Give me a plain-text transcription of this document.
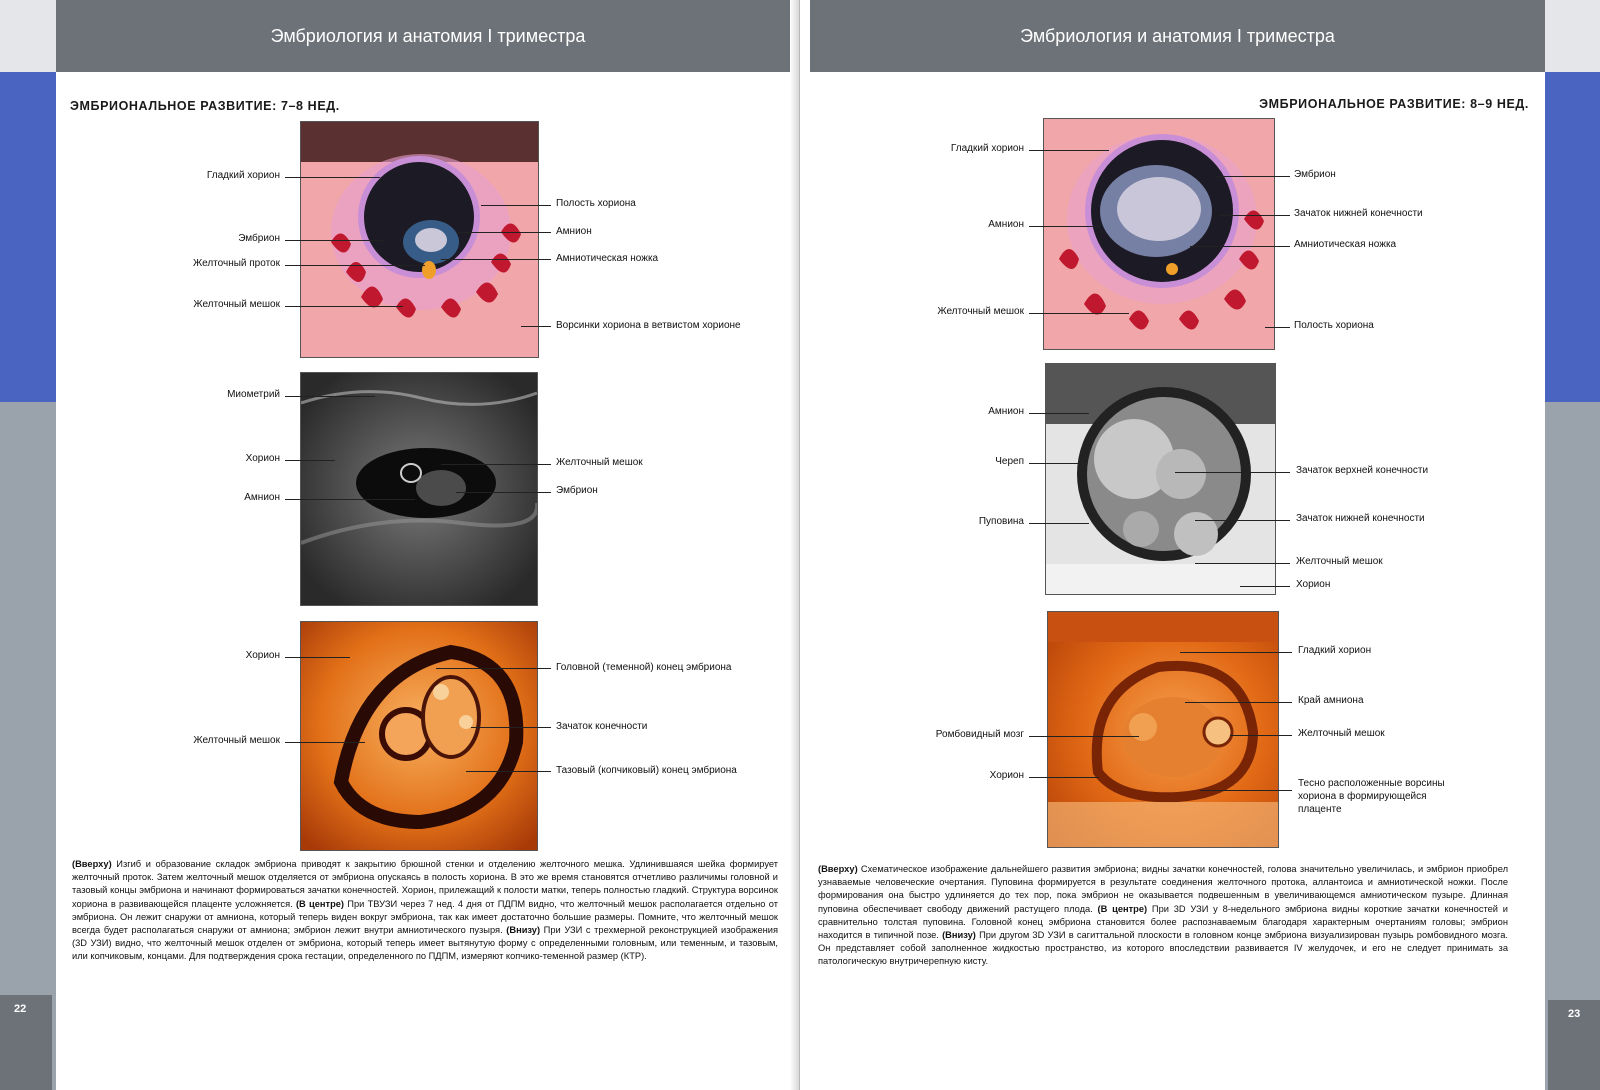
Эмбриология и анатомия I триместра
ЭМБРИОНАЛЬНОЕ РАЗВИТИЕ: 7–8 НЕД.
Гладкий хорион
Эмбрион
Желточный проток
Желточный мешок
Полость хориона
Амнион
Амниотическая ножка
Ворсинки хориона в ветвистом хорионе
Миометрий
Хорион
Амнион
Желточный мешок
Эмбрион
Хорион
Желточный мешок
Головной (теменной) конец эмбриона
Зачаток конечности
Тазовый (копчиковый) конец эмбриона
(Вверху) Изгиб и образование складок эмбриона приводят к закрытию брюшной стенки и отделению желточного мешка. Удлинившаяся шейка формирует желточный проток. Затем желточный мешок отделяется от эмбриона опускаясь в полость хориона. В это же время становятся отчетливо различимы головной и тазовый концы эмбриона и начинают формироваться зачатки конечностей. Хорион, прилежащий к полости матки, теперь полностью гладкий. Структура ворсинок хориона в развивающейся плаценте усложняется. (В центре) При ТВУЗИ через 7 нед. 4 дня от ПДПМ видно, что желточный мешок располагается отдельно от эмбриона. Он лежит снаружи от амниона, который теперь виден вокруг эмбриона, так как имеет достаточно большие размеры. Помните, что желточный мешок всегда будет располагаться снаружи от амниона; эмбрион лежит внутри амниотического пузыря. (Внизу) При УЗИ с трехмерной реконструкцией изображения (3D УЗИ) видно, что желточный мешок отделен от эмбриона, который теперь имеет вытянутую форму с определенными головным, или теменным, и тазовым, или копчиковым, концами. Для подтверждения срока гестации, определенного по ПДПМ, измеряют копчико-теменной размер (КТР).
Эмбриология и анатомия I триместра
ЭМБРИОНАЛЬНОЕ РАЗВИТИЕ: 8–9 НЕД.
Гладкий хорион
Амнион
Желточный мешок
Эмбрион
Зачаток нижней конечности
Амниотическая ножка
Полость хориона
Амнион
Череп
Пуповина
Зачаток верхней конечности
Зачаток нижней конечности
Желточный мешок
Хорион
Ромбовидный мозг
Хорион
Гладкий хорион
Край амниона
Желточный мешок
Тесно расположенные ворсины
хориона в формирующейся
плаценте
(Вверху) Схематическое изображение дальнейшего развития эмбриона; видны зачатки конечностей, голова значительно увеличилась, и эмбрион приобрел узнаваемые человеческие очертания. Пуповина формируется в результате соединения желточного протока, аллантоиса и амниотической ножки. После формирования она быстро удлиняется до тех пор, пока эмбрион не оказывается подвешенным в увеличивающемся амниотическом пузыре. Длинная пуповина обеспечивает свободу движений растущего плода. (В центре) При 3D УЗИ у 8-недельного эмбриона видны короткие зачатки конечностей и сравнительно толстая пуповина. Головной конец эмбриона становится более распознаваемым благодаря характерным очертаниям головы; эмбрион находится в типичной позе. (Внизу) При другом 3D УЗИ в сагиттальной плоскости в головном конце эмбриона визуализирован пузырь ромбовидного мозга. Он представляет собой заполненное жидкостью пространство, из которого впоследствии развивается IV желудочек, и его не следует принимать за патологическую внутричерепную кисту.
22	23
